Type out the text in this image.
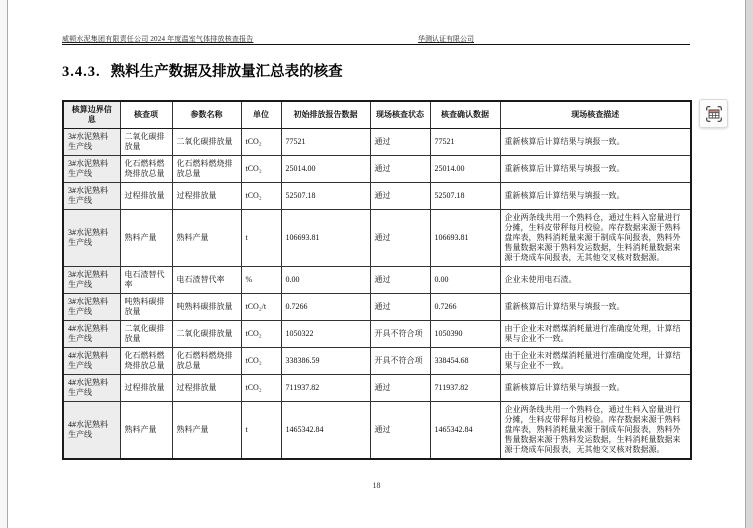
威顿水泥集团有限责任公司 2024 年度温室气体排放核查报告	华测认证有限公司
3.4.3. 熟料生产数据及排放量汇总表的核查
核算边界信息	核查项	参数名称	单位	初始排放报告数据	现场核查状态	核查确认数据	现场核查描述
3#水泥熟料生产线	二氧化碳排放量	二氧化碳排放量	tCO₂	77521	通过	77521	重新核算后计算结果与填报一致。
3#水泥熟料生产线	化石燃料燃烧排放总量	化石燃料燃烧排放总量	tCO₂	25014.00	通过	25014.00	重新核算后计算结果与填报一致。
3#水泥熟料生产线	过程排放量	过程排放量	tCO₂	52507.18	通过	52507.18	重新核算后计算结果与填报一致。
3#水泥熟料生产线	熟料产量	熟料产量	t	106693.81	通过	106693.81	企业两条线共用一个熟料仓，通过生料入窑量进行分摊，生料皮带秤每月校验。库存数据来源于熟料盘库表，熟料消耗量来源于制成车间报表，熟料外售量数据来源于熟料发运数据，生料消耗量数据来源于烧成车间报表，无其他交叉核对数据源。
3#水泥熟料生产线	电石渣替代率	电石渣替代率	%	0.00	通过	0.00	企业未使用电石渣。
3#水泥熟料生产线	吨熟料碳排放量	吨熟料碳排放量	tCO₂/t	0.7266	通过	0.7266	重新核算后计算结果与填报一致。
4#水泥熟料生产线	二氧化碳排放量	二氧化碳排放量	tCO₂	1050322	开具不符合项	1050390	由于企业未对燃煤消耗量进行准确度处理，计算结果与企业不一致。
4#水泥熟料生产线	化石燃料燃烧排放总量	化石燃料燃烧排放总量	tCO₂	338386.59	开具不符合项	338454.68	由于企业未对燃煤消耗量进行准确度处理，计算结果与企业不一致。
4#水泥熟料生产线	过程排放量	过程排放量	tCO₂	711937.82	通过	711937.82	重新核算后计算结果与填报一致。
4#水泥熟料生产线	熟料产量	熟料产量	t	1465342.84	通过	1465342.84	企业两条线共用一个熟料仓，通过生料入窑量进行分摊，生料皮带秤每月校验。库存数据来源于熟料盘库表，熟料消耗量来源于制成车间报表，熟料外售量数据来源于熟料发运数据，生料消耗量数据来源于烧成车间报表，无其他交叉核对数据源。
18
